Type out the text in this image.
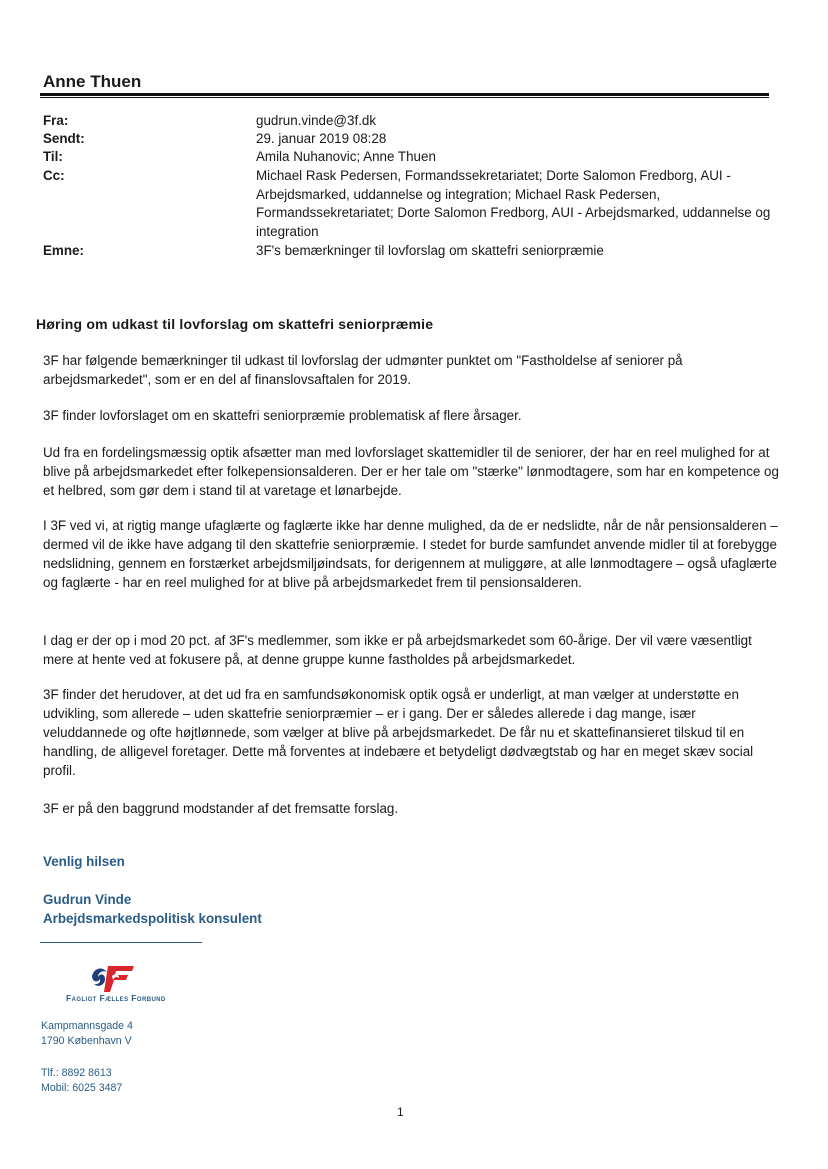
Anne Thuen
Fra:	gudrun.vinde@3f.dk
Sendt:	29. januar 2019 08:28
Til:	Amila Nuhanovic; Anne Thuen
Cc:	Michael Rask Pedersen, Formandssekretariatet; Dorte Salomon Fredborg, AUI - Arbejdsmarked, uddannelse og integration; Michael Rask Pedersen, Formandssekretariatet; Dorte Salomon Fredborg, AUI - Arbejdsmarked, uddannelse og integration
Emne:	3F's bemærkninger til lovforslag om skattefri seniorpræmie
Høring om udkast til lovforslag om skattefri seniorpræmie

3F har følgende bemærkninger til udkast til lovforslag der udmønter punktet om "Fastholdelse af seniorer på arbejdsmarkedet", som er en del af finanslovsaftalen for 2019.

3F finder lovforslaget om en skattefri seniorpræmie problematisk af flere årsager.

Ud fra en fordelingsmæssig optik afsætter man med lovforslaget skattemidler til de seniorer, der har en reel mulighed for at blive på arbejdsmarkedet efter folkepensionsalderen. Der er her tale om "stærke" lønmodtagere, som har en kompetence og et helbred, som gør dem i stand til at varetage et lønarbejde.

I 3F ved vi, at rigtig mange ufaglærte og faglærte ikke har denne mulighed, da de er nedslidte, når de når pensionsalderen – dermed vil de ikke have adgang til den skattefrie seniorpræmie. I stedet for burde samfundet anvende midler til at forebygge nedslidning, gennem en forstærket arbejdsmiljøindsats, for derigennem at muliggøre, at alle lønmodtagere – også ufaglærte og faglærte - har en reel mulighed for at blive på arbejdsmarkedet frem til pensionsalderen.

I dag er der op i mod 20 pct. af 3F's medlemmer, som ikke er på arbejdsmarkedet som 60-årige. Der vil være væsentligt mere at hente ved at fokusere på, at denne gruppe kunne fastholdes på arbejdsmarkedet.

3F finder det herudover, at det ud fra en samfundsøkonomisk optik også er underligt, at man vælger at understøtte en udvikling, som allerede – uden skattefrie seniorpræmier – er i gang. Der er således allerede i dag mange, især veluddannede og ofte højtlønnede, som vælger at blive på arbejdsmarkedet. De får nu et skattefinansieret tilskud til en handling, de alligevel foretager. Dette må forventes at indebære et betydeligt dødvægtstab og har en meget skæv social profil.

3F er på den baggrund modstander af det fremsatte forslag.

Venlig hilsen

Gudrun Vinde

Arbejdsmarkedspolitisk konsulent

Fagligt Fælles Forbund

Kampmannsgade 4

1790 København V

Tlf.: 8892 8613

Mobil: 6025 3487

1
